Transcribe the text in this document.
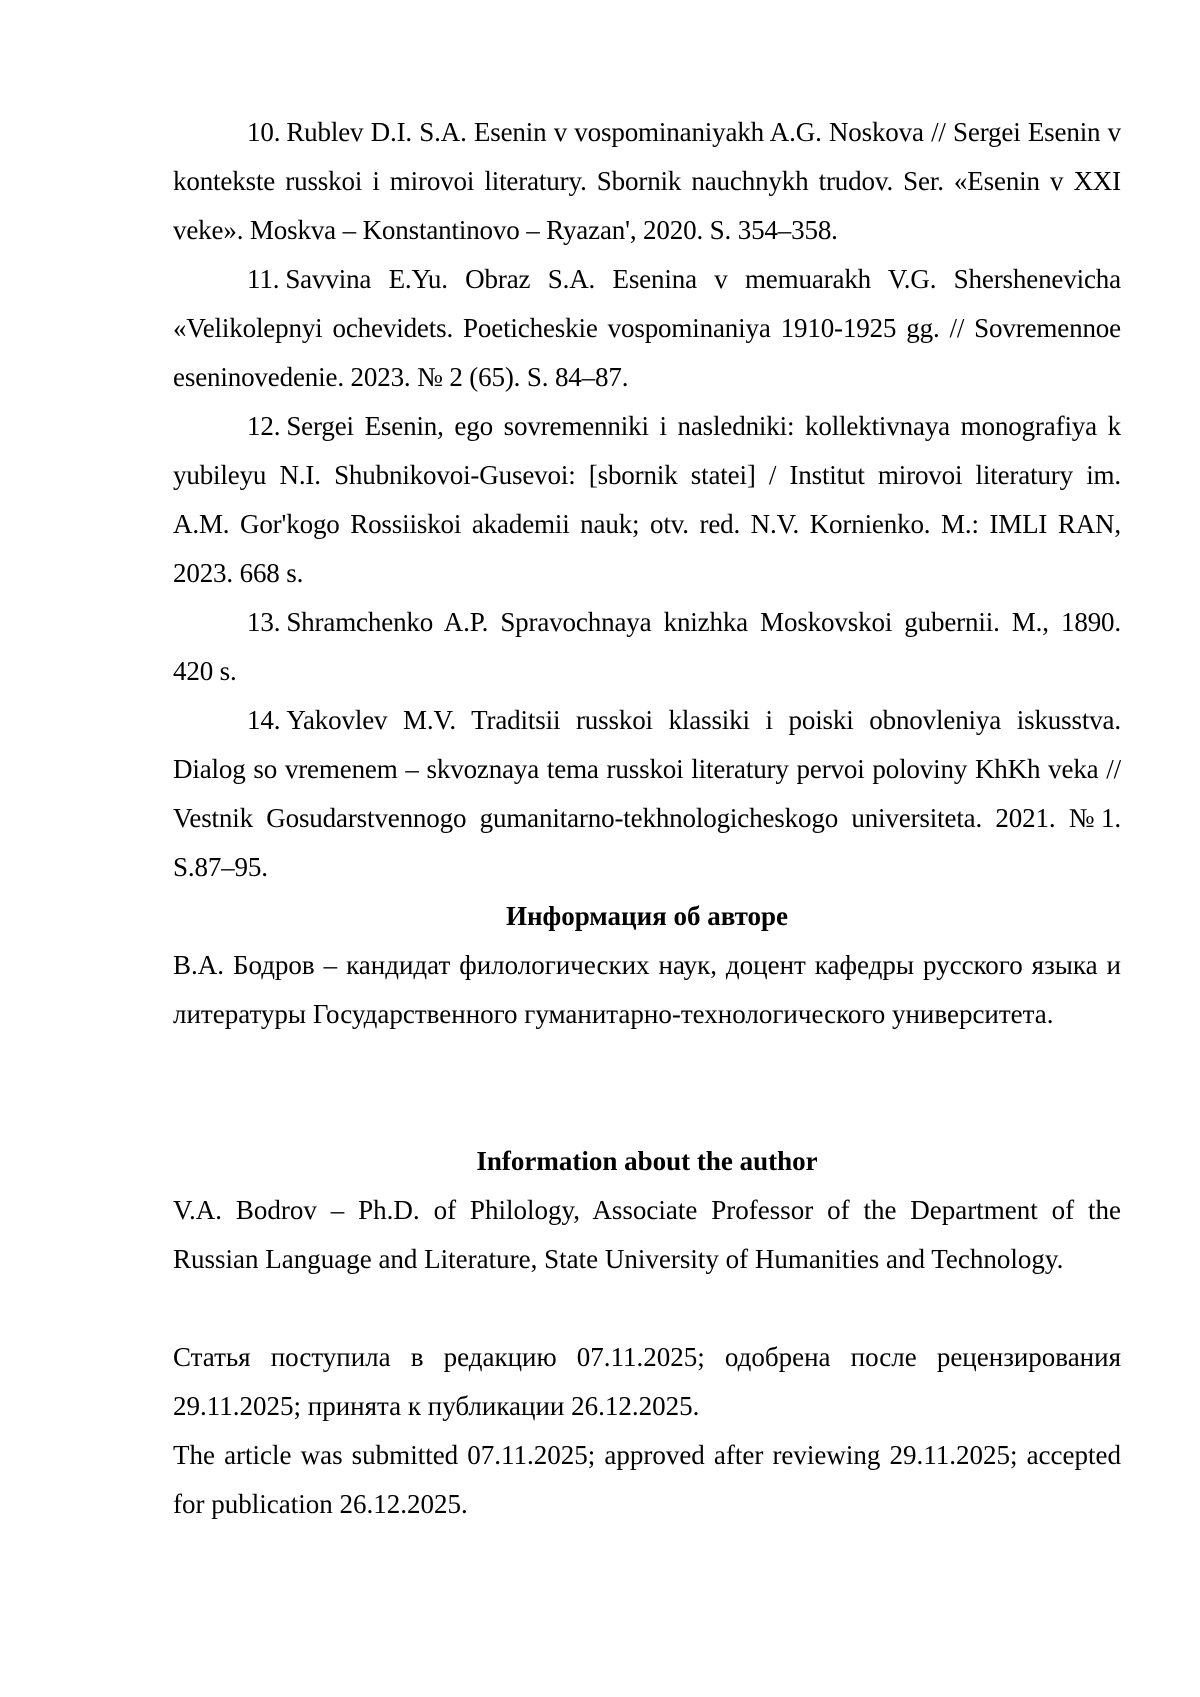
10. Rublev D.I. S.A. Esenin v vospominaniyakh A.G. Noskova // Sergei Esenin v kontekste russkoi i mirovoi literatury. Sbornik nauchnykh trudov. Ser. «Esenin v XXI veke». Moskva – Konstantinovo – Ryazan', 2020. S. 354–358.

11. Savvina E.Yu. Obraz S.A. Esenina v memuarakh V.G. Shershenevicha «Velikolepnyi ochevidets. Poeticheskie vospominaniya 1910-1925 gg. // Sovremennoe eseninovedenie. 2023. № 2 (65). S. 84–87.

12. Sergei Esenin, ego sovremenniki i nasledniki: kollektivnaya monografiya k yubileyu N.I. Shubnikovoi-Gusevoi: [sbornik statei] / Institut mirovoi literatury im. A.M. Gor'kogo Rossiiskoi akademii nauk; otv. red. N.V. Kornienko. M.: IMLI RAN, 2023. 668 s.

13. Shramchenko A.P. Spravochnaya knizhka Moskovskoi gubernii. M., 1890. 420 s.

14. Yakovlev M.V. Traditsii russkoi klassiki i poiski obnovleniya iskusstva. Dialog so vremenem – skvoznaya tema russkoi literatury pervoi poloviny KhKh veka // Vestnik Gosudarstvennogo gumanitarno-tekhnologicheskogo universiteta. 2021. №1. S.87–95.

Информация об авторе

В.А. Бодров – кандидат филологических наук, доцент кафедры русского языка и литературы Государственного гуманитарно-технологического университета.

Information about the author

V.A. Bodrov – Ph.D. of Philology, Associate Professor of the Department of the Russian Language and Literature, State University of Humanities and Technology.

Статья поступила в редакцию 07.11.2025; одобрена после рецензирования 29.11.2025; принята к публикации 26.12.2025.

The article was submitted 07.11.2025; approved after reviewing 29.11.2025; accepted for publication 26.12.2025.
